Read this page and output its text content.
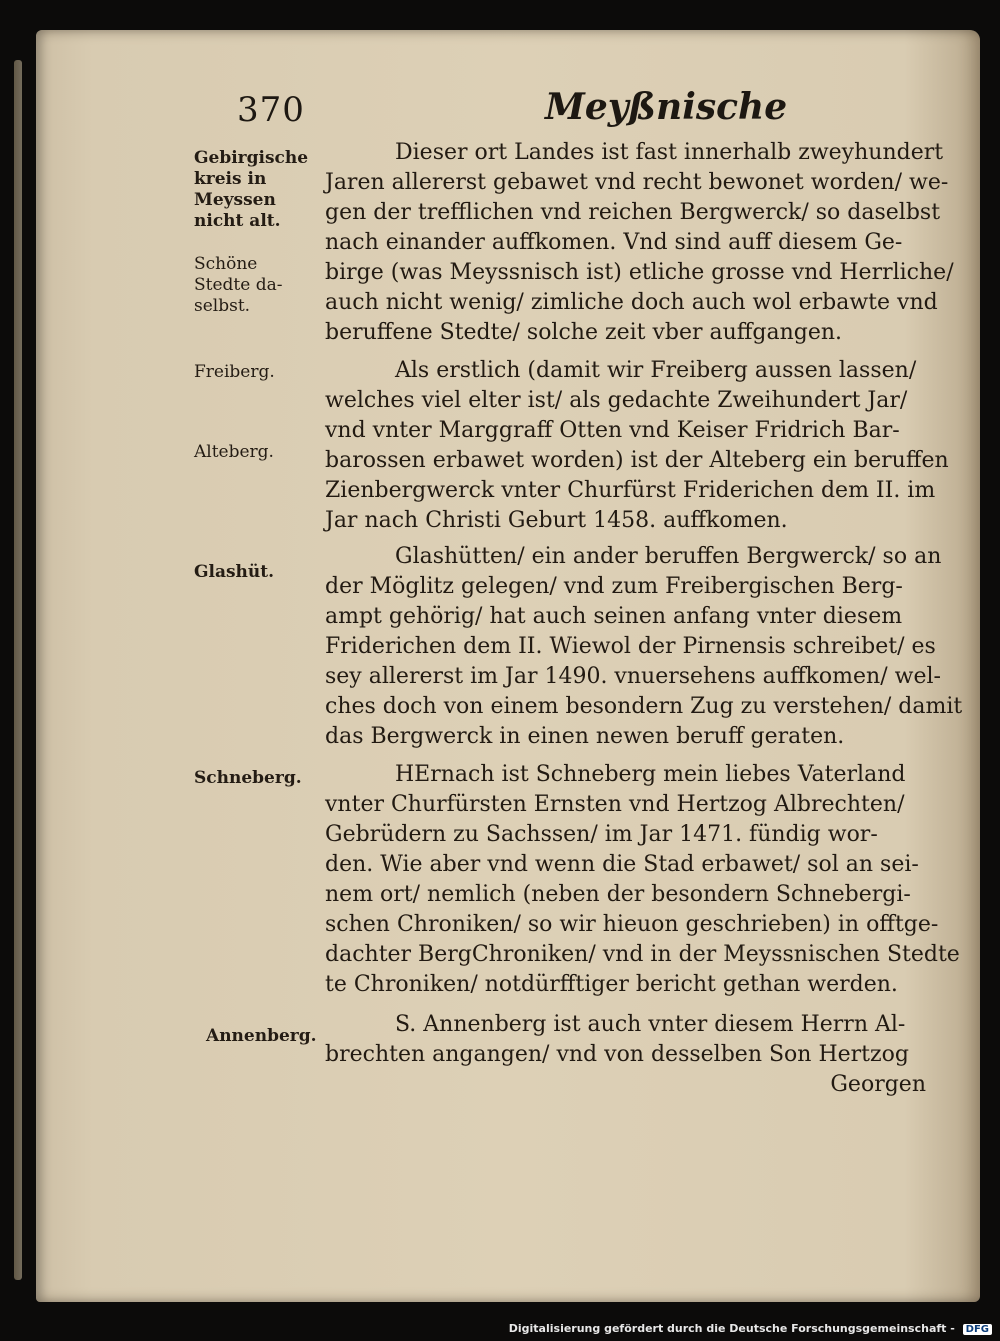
370	Meyßnische

Gebirgische
kreis in
Meyssen
nicht alt.
Schöne
Stedte da-
selbst.
Freiberg.
Alteberg.
Glashüt.
Schneberg.
Annenberg.

Dieser ort Landes ist fast innerhalb zweyhundert

Jaren allererst gebawet vnd recht bewonet worden/ we-

gen der trefflichen vnd reichen Bergwerck/ so daselbst

nach einander auffkomen. Vnd sind auff diesem Ge-

birge (was Meyssnisch ist) etliche grosse vnd Herrliche/

auch nicht wenig/ zimliche doch auch wol erbawte vnd

beruffene Stedte/ solche zeit vber auffgangen.

Als erstlich (damit wir Freiberg aussen lassen/

welches viel elter ist/ als gedachte Zweihundert Jar/

vnd vnter Marggraff Otten vnd Keiser Fridrich Bar-

barossen erbawet worden) ist der Alteberg ein beruffen

Zienbergwerck vnter Churfürst Friderichen dem II. im

Jar nach Christi Geburt 1458. auffkomen.

Glashütten/ ein ander beruffen Bergwerck/ so an

der Möglitz gelegen/ vnd zum Freibergischen Berg-

ampt gehörig/ hat auch seinen anfang vnter diesem

Friderichen dem II. Wiewol der Pirnensis schreibet/ es

sey allererst im Jar 1490. vnuersehens auffkomen/ wel-

ches doch von einem besondern Zug zu verstehen/ damit

das Bergwerck in einen newen beruff geraten.

HErnach ist Schneberg mein liebes Vaterland

vnter Churfürsten Ernsten vnd Hertzog Albrechten/

Gebrüdern zu Sachssen/ im Jar 1471. fündig wor-

den. Wie aber vnd wenn die Stad erbawet/ sol an sei-

nem ort/ nemlich (neben der besondern Schnebergi-

schen Chroniken/ so wir hieuon geschrieben) in offtge-

dachter BergChroniken/ vnd in der Meyssnischen Stedte

te Chroniken/ notdürfftiger bericht gethan werden.

S. Annenberg ist auch vnter diesem Herrn Al-

brechten angangen/ vnd von desselben Son Hertzog

Georgen

Digitalisierung gefördert durch die Deutsche Forschungsgemeinschaft - DFG
